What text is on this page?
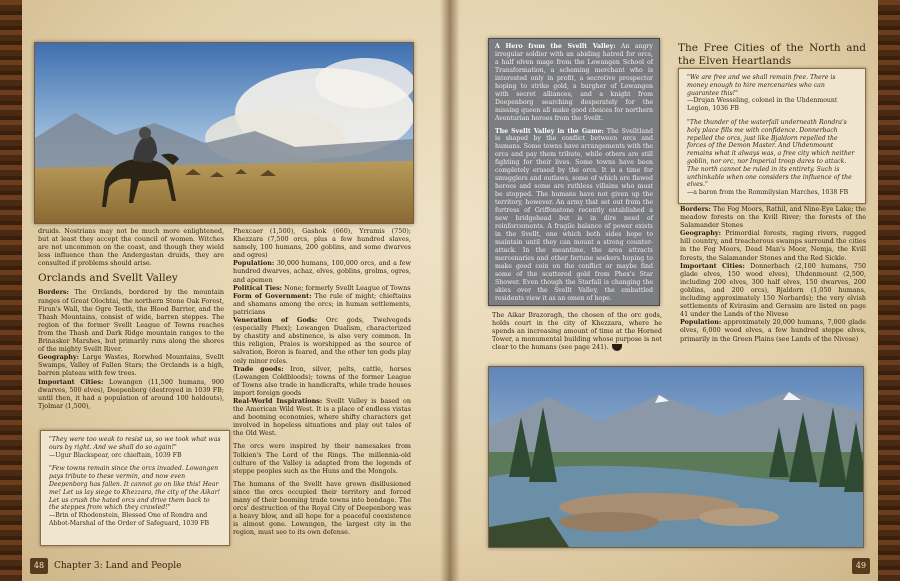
druids. Nostrians may not be much more enlightened, but at least they accept the council of women. Witches are not uncommon on the coast, and though they wield less influence than the Andergastan druids, they are consulted if problems should arise.

Orclands and Svellt Valley

Borders: The Orclands, bordered by the mountain ranges of Great Olochtai, the northern Stone Oak Forest, Firun's Wall, the Ogre Teeth, the Blood Barrier, and the Thash Mountains, consist of wide, barren steppes. The region of the former Svellt League of Towns reaches from the Thash and Dark Ridge mountain ranges to the Brinasker Marshes, but primarily runs along the shores of the mighty Svellt River.

Geography: Large Wastes, Rorwhed Mountains, Svellt Swamps, Valley of Fallen Stars; the Orclands is a high, barren plateau with few trees.

Important Cities: Lowangen (11,500 humans, 900 dwarves, 500 elves), Deepenborg (destroyed in 1039 FB; until then, it had a population of around 100 holdouts), Tjolmar (1,500),

Phexcaer (1,500), Gashok (660), Yrramis (750); Khezzara (7,500 orcs, plus a few hundred slaves, namely, 100 humans, 200 goblins, and some dwarves and ogres)

Population: 30,000 humans, 100,000 orcs, and a few hundred dwarves, achaz, elves, goblins, grolms, ogres, and apemen

Political Ties: None; formerly Svellt League of Towns

Form of Government: The rule of might; chieftains and shamans among the orcs; in human settlements, patricians

Veneration of Gods: Orc gods, Twelvegods (especially Phex); Lowangen Dualism, characterized by chastity and abstinence, is also very common. In this religion, Praios is worshipped as the source of salvation, Boron is feared, and the other ten gods play only minor roles.

Trade goods: Iron, silver, pelts, cattle, horses (Lowangen Coldbloods); towns of the former League of Towns also trade in handicrafts, while trade houses import foreign goods

Real-World Inspirations: Svellt Valley is based on the American Wild West. It is a place of endless vistas and booming economies, where shifty characters get involved in hopeless situations and play out tales of the Old West.

The orcs were inspired by their namesakes from Tolkien's The Lord of the Rings. The millennia-old culture of the Valley is adapted from the legends of steppe peoples such as the Huns and the Mongols.

The humans of the Svellt have grown disillusioned since the orcs occupied their territory and forced many of their booming trade towns into bondage. The orcs' destruction of the Royal City of Deepenborg was a heavy blow, and all hope for a peaceful coexistence is almost gone. Lowangen, the largest city in the region, must see to its own defense.

"They were too weak to resist us, so we took what was ours by right. And we shall do so again!"
—Ugur Blackspear, orc chieftain, 1039 FB
"Few towns remain since the orcs invaded. Lowangen pays tribute to these vermin, and now even Deepenborg has fallen. It cannot go on like this! Hear me! Let us lay siege to Khezzara, the city of the Aikar! Let us crush the hated orcs and drive them back to the steppes from which they crawled!"
—Brin of Rhodenstein, Blessed One of Rondra and Abbot-Marshal of the Order of Safeguard, 1039 FB
48	Chapter 3: Land and People

A Hero from the Svellt Valley: An angry irregular soldier with an abiding hatred for orcs, a half elven mage from the Lowangen School of Transformation, a scheming merchant who is interested only in profit, a secretive prospector hoping to strike gold, a burgher of Lowangen with secret alliances, and a knight from Deepenborg searching desperately for the missing queen all make good choices for northern Aventurian heroes from the Svellt.

The Svellt Valley in the Game: The Svelltland is shaped by the conflict between orcs and humans. Some towns have arrangements with the orcs and pay them tribute, while others are still fighting for their lives. Some towns have been completely erased by the orcs. It is a time for smugglers and outlaws, some of which are flawed heroes and some are ruthless villains who must be stopped. The humans have not given up the territory, however. An army that set out from the fortress of Griffonstone recently established a new bridgehead but is in dire need of reinforcements. A fragile balance of power exists in the Svellt, one which both sides hope to maintain until they can mount a strong counter-attack. In the meantime, the area attracts mercenaries and other fortune seekers hoping to make good coin on the conflict or maybe find some of the scattered gold from Phex's Star Shower. Even though the Starfall is changing the skies over the Svellt Valley, the embattled residents view it as an omen of hope.

The Aikar Brazoragh, the chosen of the orc gods, holds court in the city of Khezzara, where he spends an increasing amount of time at the Horned Tower, a monumental building whose purpose is not clear to the humans (see page 241).
The Free Cities of the North and the Elven Heartlands
"We are free and we shall remain free. There is money enough to hire mercenaries who can guarantee this!"
—Drujan Wesseling, colonel in the Uhdenmount Legion, 1036 FB
"The thunder of the waterfall underneath Rondra's holy place fills me with confidence. Donnerbach repelled the orcs, just like Bjaldorn repelled the forces of the Demon Master. And Uhdenmount remains what it always was, a free city which neither goblin, nor orc, nor Imperial troop dares to attack. The north cannot be ruled in its entirety. Such is unthinkable when one considers the influence of the elves."
—a baron from the Rommilysian Marches, 1038 FB

Borders: The Fog Moors, Rathil, and Nine-Eye Lake; the meadow forests on the Kvill River; the forests of the Salamander Stones

Geography: Primordial forests, raging rivers, rugged hill country, and treacherous swamps surround the cities in the Fog Moors, Dead Man's Moor, Nemja, the Kvill forests, the Salamander Stones and the Red Sickle.

Important Cities: Donnerbach (2,100 humans, 750 glade elves, 150 wood elves), Uhdenmount (2,500, including 200 elves, 300 half elves, 150 dwarves, 200 goblins, and 200 orcs), Bjaldorn (1,050 humans, including approximately 150 Norbards); the very elvish settlements of Kvirasim and Gerasim are listed on page 41 under the Lands of the Nivese

Population: approximately 20,000 humans, 7,000 glade elves, 6,000 wood elves, a few hundred steppe elves, primarily in the Green Plains (see Lands of the Nivese)

49
